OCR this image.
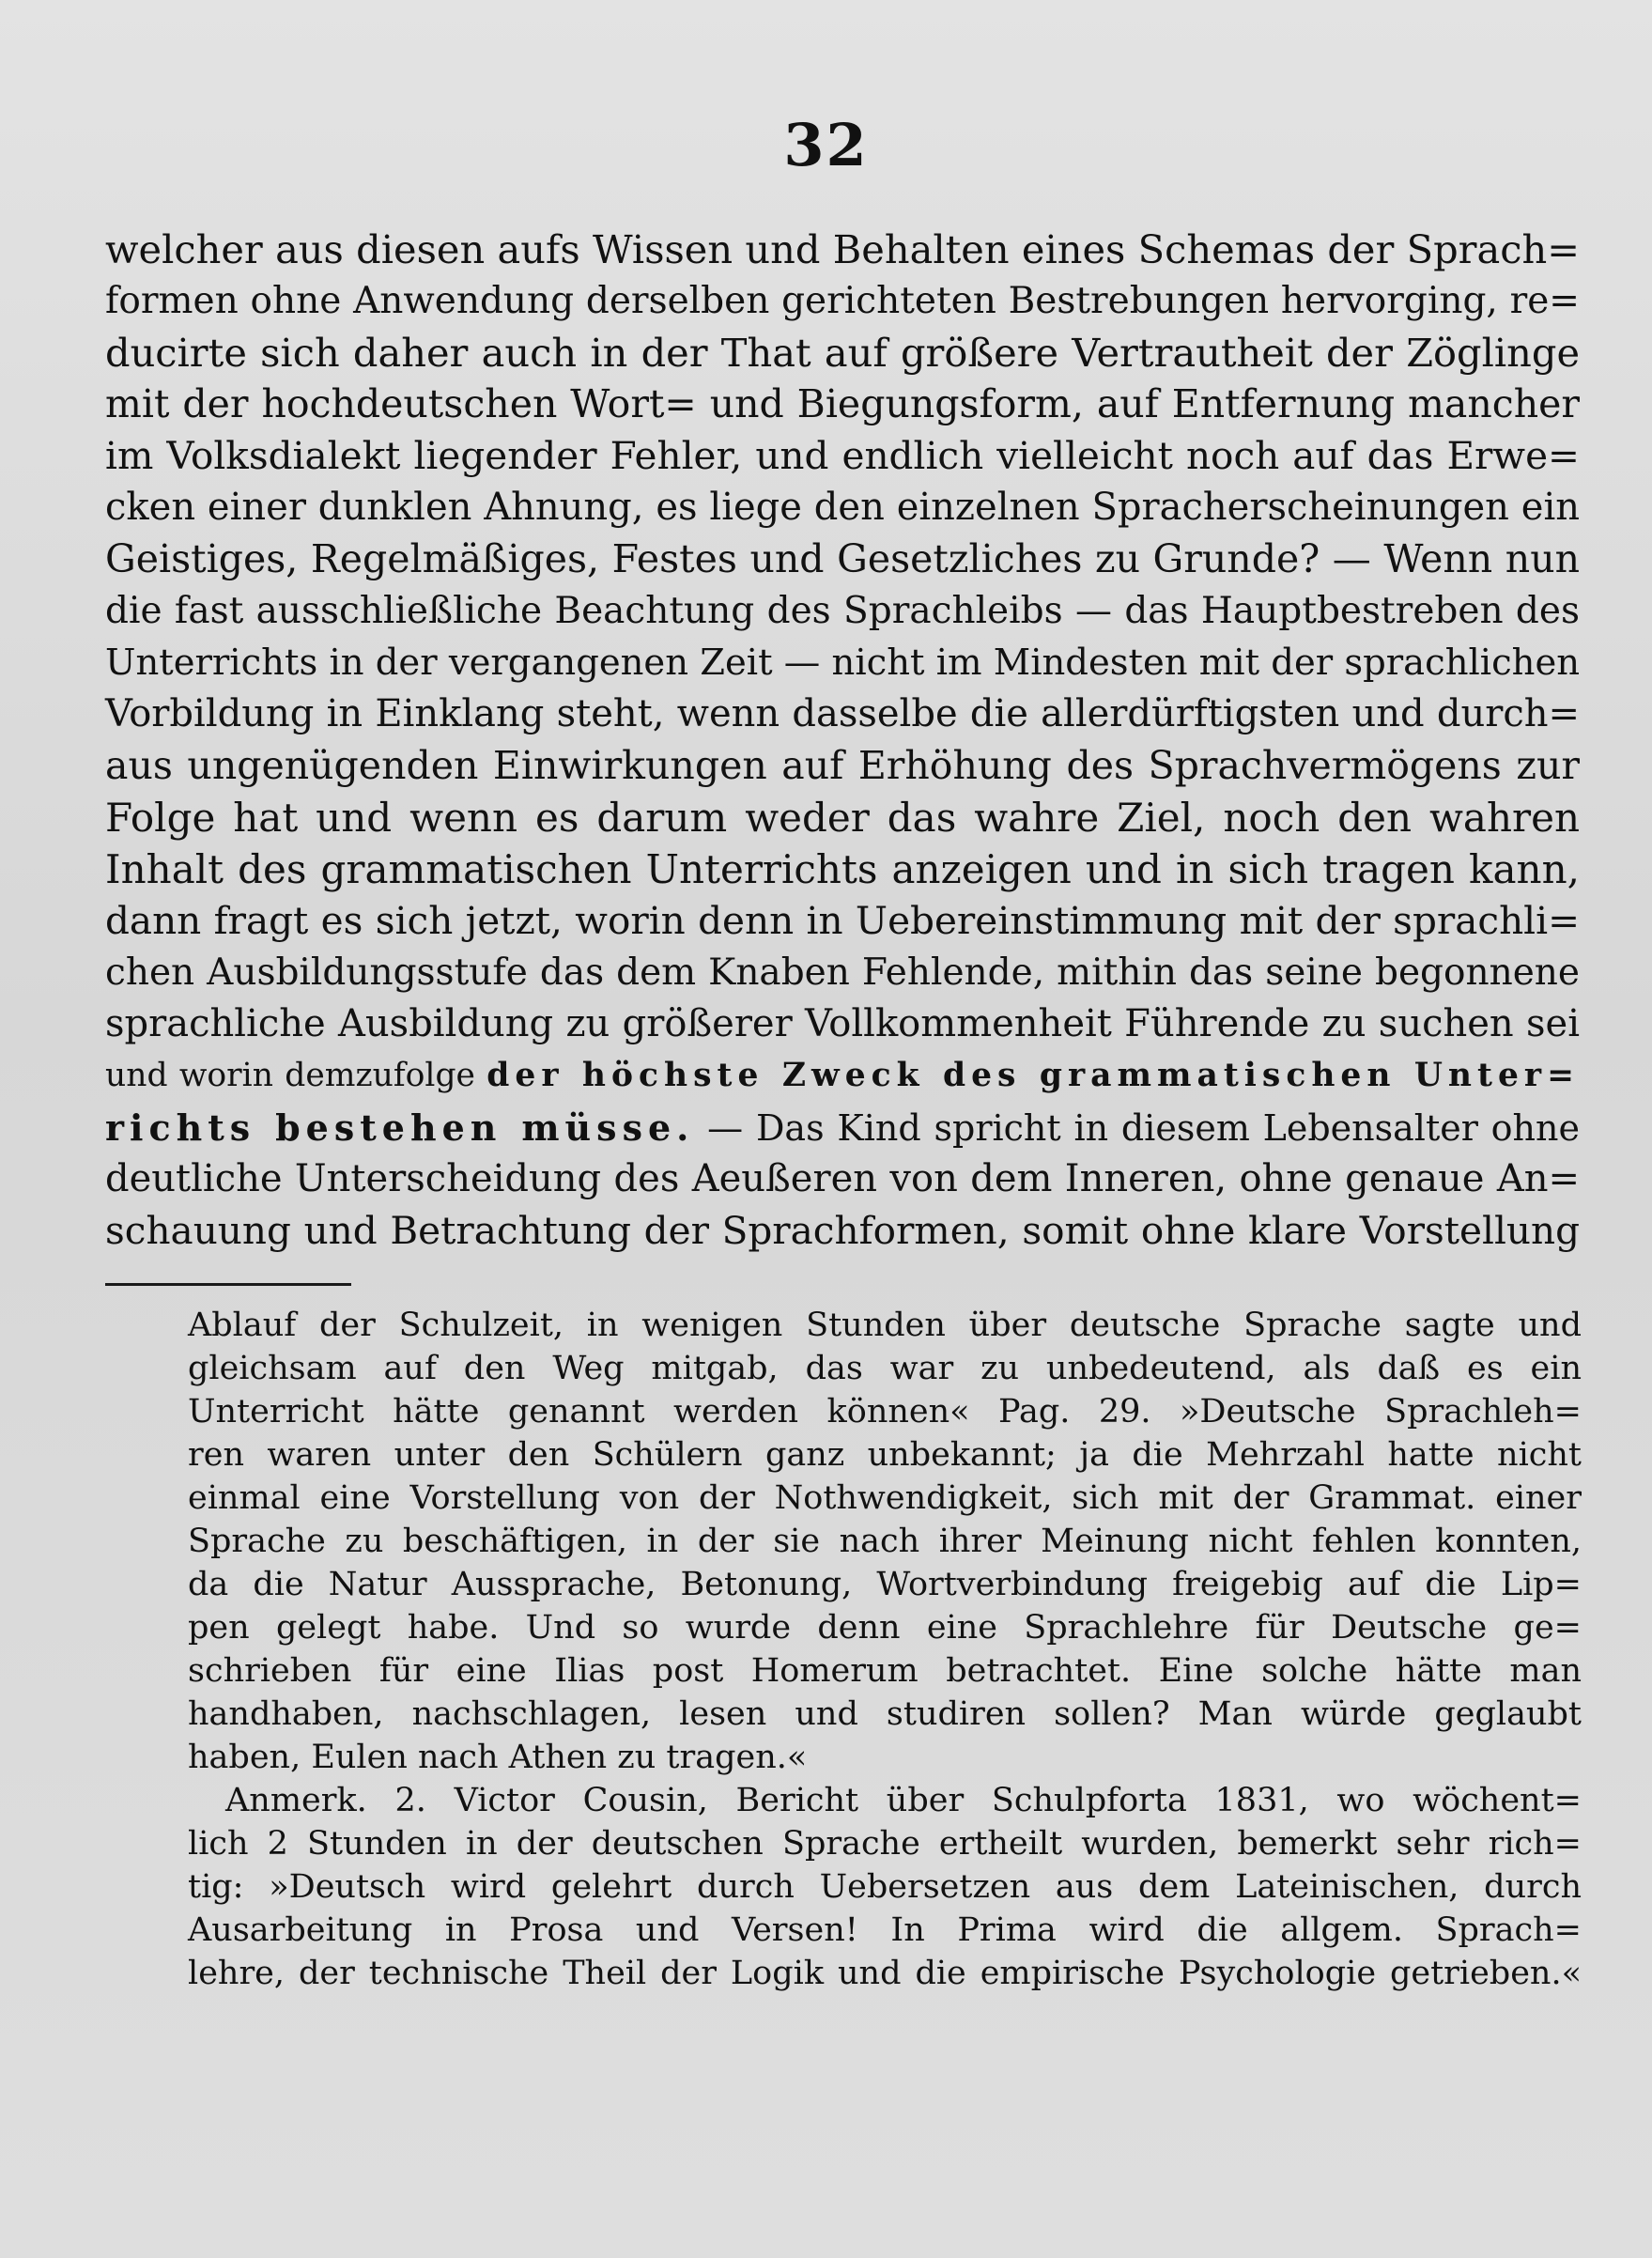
32
welcher aus diesen aufs Wissen und Behalten eines Schemas der Sprach=
formen ohne Anwendung derselben gerichteten Bestrebungen hervorging, re=
ducirte sich daher auch in der That auf größere Vertrautheit der Zöglinge
mit der hochdeutschen Wort= und Biegungsform, auf Entfernung mancher
im Volksdialekt liegender Fehler, und endlich vielleicht noch auf das Erwe=
cken einer dunklen Ahnung, es liege den einzelnen Spracherscheinungen ein
Geistiges, Regelmäßiges, Festes und Gesetzliches zu Grunde? — Wenn nun
die fast ausschließliche Beachtung des Sprachleibs — das Hauptbestreben des
Unterrichts in der vergangenen Zeit — nicht im Mindesten mit der sprachlichen
Vorbildung in Einklang steht, wenn dasselbe die allerdürftigsten und durch=
aus ungenügenden Einwirkungen auf Erhöhung des Sprachvermögens zur
Folge hat und wenn es darum weder das wahre Ziel, noch den wahren
Inhalt des grammatischen Unterrichts anzeigen und in sich tragen kann,
dann fragt es sich jetzt, worin denn in Uebereinstimmung mit der sprachli=
chen Ausbildungsstufe das dem Knaben Fehlende, mithin das seine begonnene
sprachliche Ausbildung zu größerer Vollkommenheit Führende zu suchen sei
und worin demzufolge der höchste Zweck des grammatischen Unter=
richts bestehen müsse. — Das Kind spricht in diesem Lebensalter ohne
deutliche Unterscheidung des Aeußeren von dem Inneren, ohne genaue An=
schauung und Betrachtung der Sprachformen, somit ohne klare Vorstellung
Ablauf der Schulzeit, in wenigen Stunden über deutsche Sprache sagte und
gleichsam auf den Weg mitgab, das war zu unbedeutend, als daß es ein
Unterricht hätte genannt werden können« Pag. 29. »Deutsche Sprachleh=
ren waren unter den Schülern ganz unbekannt; ja die Mehrzahl hatte nicht
einmal eine Vorstellung von der Nothwendigkeit, sich mit der Grammat. einer
Sprache zu beschäftigen, in der sie nach ihrer Meinung nicht fehlen konnten,
da die Natur Aussprache, Betonung, Wortverbindung freigebig auf die Lip=
pen gelegt habe. Und so wurde denn eine Sprachlehre für Deutsche ge=
schrieben für eine Ilias post Homerum betrachtet. Eine solche hätte man
handhaben, nachschlagen, lesen und studiren sollen? Man würde geglaubt
haben, Eulen nach Athen zu tragen.«
Anmerk. 2. Victor Cousin, Bericht über Schulpforta 1831, wo wöchent=
lich 2 Stunden in der deutschen Sprache ertheilt wurden, bemerkt sehr rich=
tig: »Deutsch wird gelehrt durch Uebersetzen aus dem Lateinischen, durch
Ausarbeitung in Prosa und Versen! In Prima wird die allgem. Sprach=
lehre, der technische Theil der Logik und die empirische Psychologie getrieben.«
